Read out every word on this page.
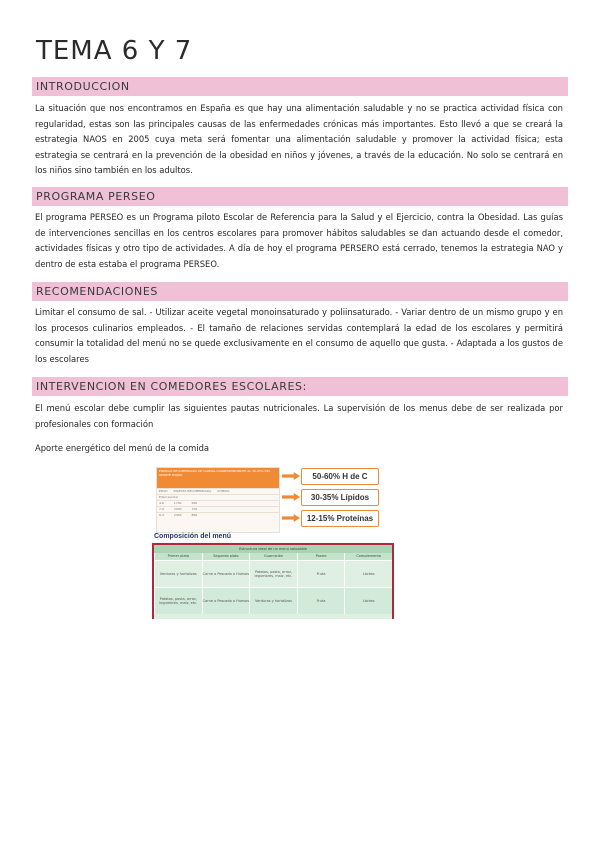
TEMA 6 Y 7
INTRODUCCION
La situación que nos encontramos en España es que hay una alimentación saludable y no se practica actividad física con regularidad, estas son las principales causas de las enfermedades crónicas más importantes. Esto llevó a que se creará la estrategia NAOS en 2005 cuya meta será fomentar una alimentación saludable y promover la actividad física; esta estrategia se centrará en la prevención de la obesidad en niños y jóvenes, a través de la educación. No solo se centrará en los niños sino también en los adultos.
PROGRAMA PERSEO
El programa PERSEO es un Programa piloto Escolar de Referencia para la Salud y el Ejercicio, contra la Obesidad. Las guías de intervenciones sencillas en los centros escolares para promover hábitos saludables se dan actuando desde el comedor, actividades físicas y otro tipo de actividades. A día de hoy el programa PERSERO está cerrado, tenemos la estrategia NAO y dentro de esta estaba el programa PERSEO.
RECOMENDACIONES
Limitar el consumo de sal. - Utilizar aceite vegetal monoinsaturado y poliinsaturado. - Variar dentro de un mismo grupo y en los procesos culinarios empleados. - El tamaño de relaciones servidas contemplará la edad de los escolares y permitirá consumir la totalidad del menú no se quede exclusivamente en el consumo de aquello que gusta. - Adaptada a los gustos de los escolares
INTERVENCION EN COMEDORES ESCOLARES:
El menú escolar debe cumplir las siguientes pautas nutricionales. La supervisión de los menus debe de ser realizada por profesionales con formación
Aporte energético del menú de la comida
ENERGÍA RECOMENDADA DE COMIDA CORRESPONDIENTE AL 30-35% DEL APORTE DIARIO
EDAD INGESTA RECOMENDADA COMIDA
Edad escolar
4-6	1700	560
7-9	2000	700
9-3	2450	860
50-60% H de C
30-35% Lípidos
12-15% Proteínas
Composición del menú
Estructura ideal de un menú saludable
Primer plato	Segundo plato	Guarnición	Postre	Complemento
Verduras y hortalizas	Carne o Pescado o Huevos	Patatas, pasta, arroz, legumbres, maíz, etc.	Fruta	Lácteo
Patatas, pasta, arroz, legumbres, maíz, etc.	Carne o Pescado o Huevos	Verduras y hortalizas	Fruta	Lácteo
